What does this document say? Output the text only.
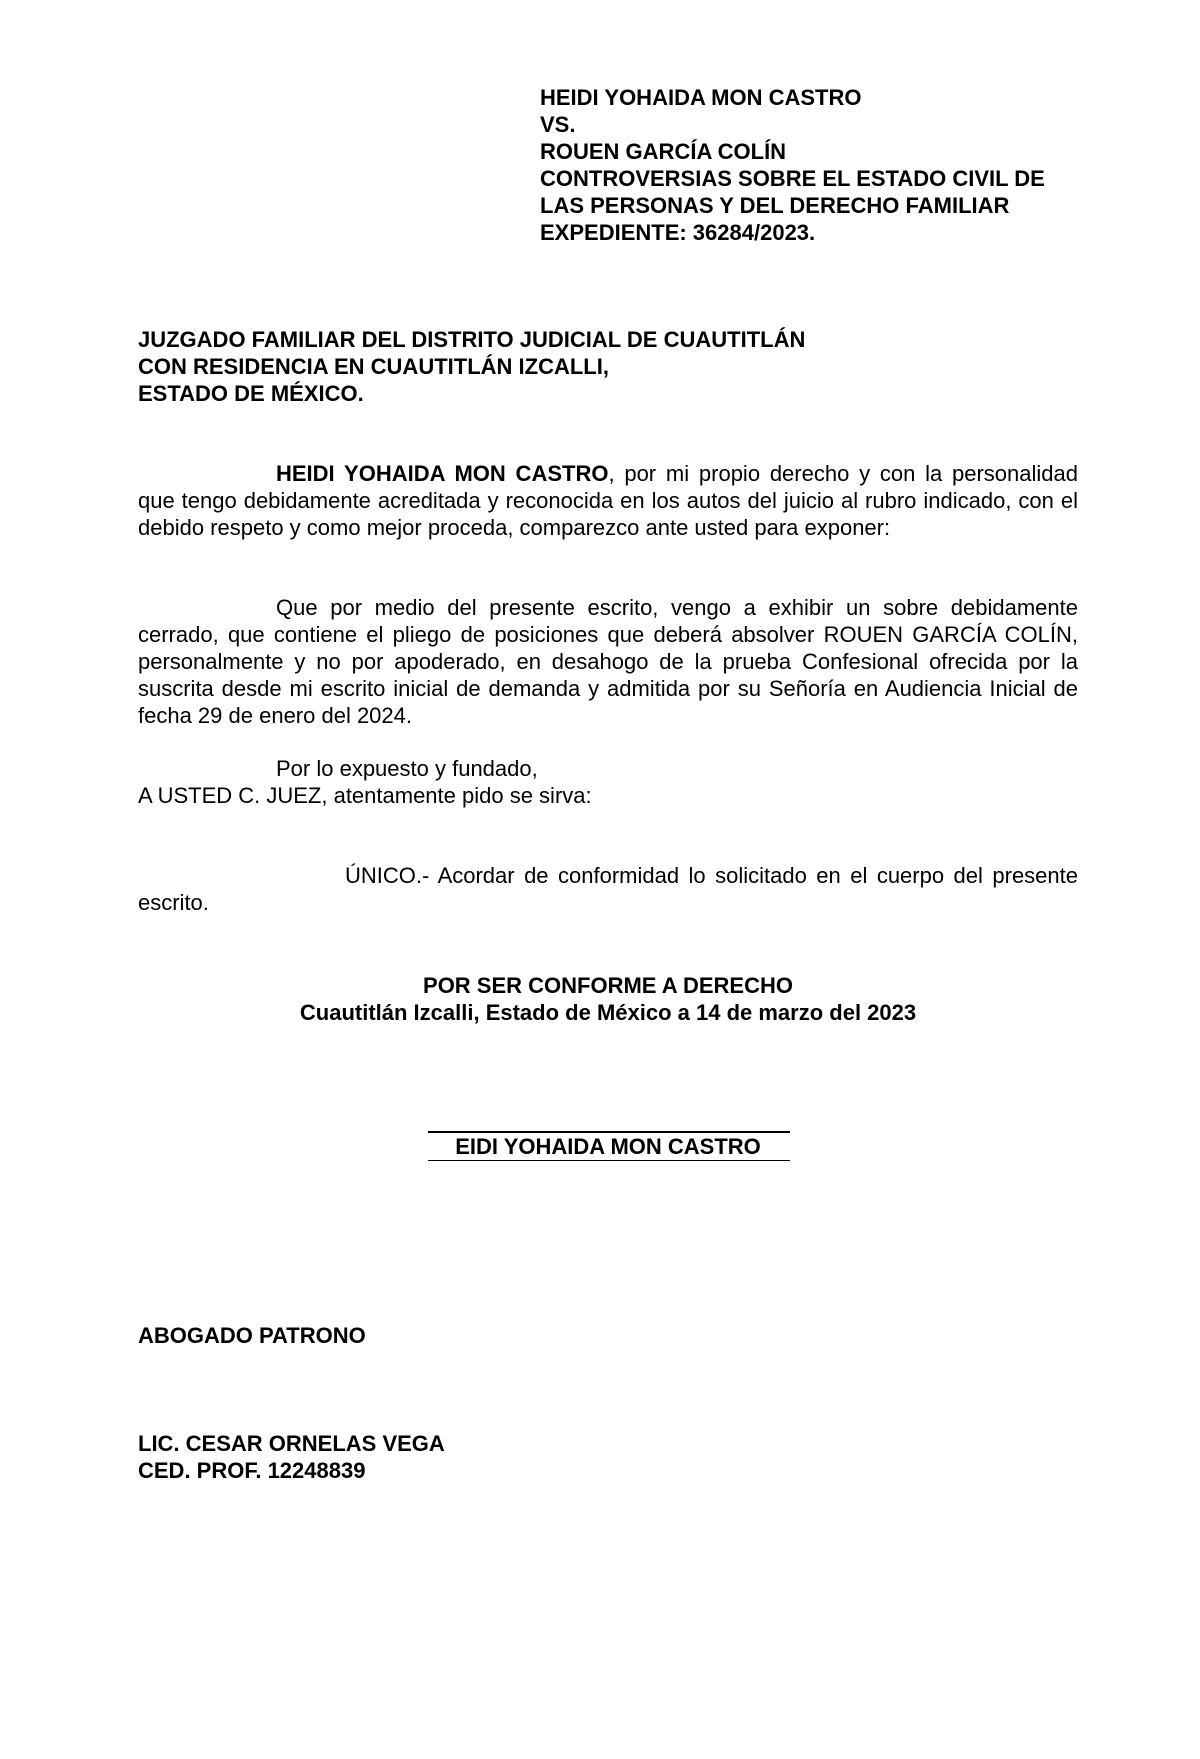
HEIDI YOHAIDA MON CASTRO
VS.
ROUEN GARCÍA COLÍN
CONTROVERSIAS SOBRE EL ESTADO CIVIL DE
LAS PERSONAS Y DEL DERECHO FAMILIAR
EXPEDIENTE: 36284/2023.
JUZGADO FAMILIAR DEL DISTRITO JUDICIAL DE CUAUTITLÁN
CON RESIDENCIA EN CUAUTITLÁN IZCALLI,
ESTADO DE MÉXICO.
HEIDI YOHAIDA MON CASTRO, por mi propio derecho y con la personalidad que tengo debidamente acreditada y reconocida en los autos del juicio al rubro indicado, con el debido respeto y como mejor proceda, comparezco ante usted para exponer:
Que por medio del presente escrito, vengo a exhibir un sobre debidamente cerrado, que contiene el pliego de posiciones que deberá absolver ROUEN GARCÍA COLÍN, personalmente y no por apoderado, en desahogo de la prueba Confesional ofrecida por la suscrita desde mi escrito inicial de demanda y admitida por su Señoría en Audiencia Inicial de fecha 29 de enero del 2024.
Por lo expuesto y fundado,
A USTED C. JUEZ, atentamente pido se sirva:
ÚNICO.- Acordar de conformidad lo solicitado en el cuerpo del presente escrito.
POR SER CONFORME A DERECHO
Cuautitlán Izcalli, Estado de México a 14 de marzo del 2023
EIDI YOHAIDA MON CASTRO
ABOGADO PATRONO
LIC. CESAR ORNELAS VEGA
CED. PROF. 12248839
